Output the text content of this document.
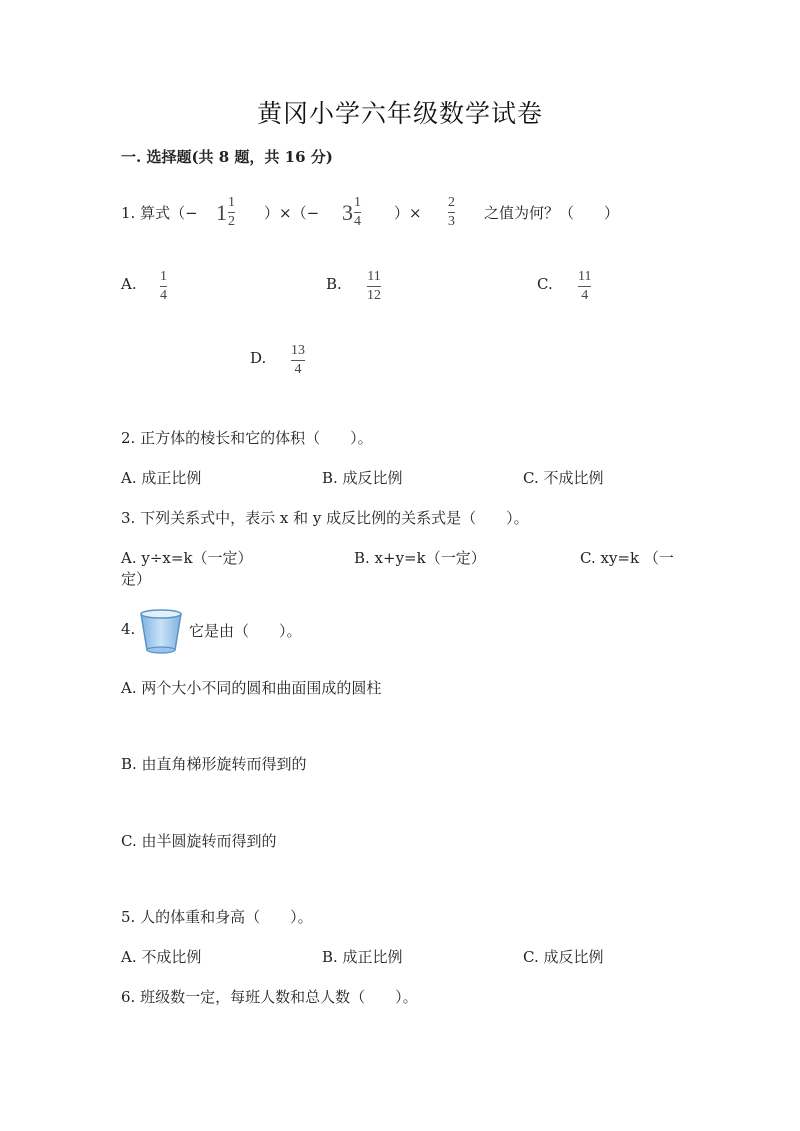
黄冈小学六年级数学试卷
一. 选择题(共 8 题，共 16 分)
1. 算式（− $1 \frac{1}{2}$ ）×（− $3 \frac{1}{4}$ ）×
2
3 之值为何？（　　）
A. 1
4
B. 11
12
C. 11
4
D. 13
4
2. 正方体的棱长和它的体积（　　）。
A. 成正比例	B. 成反比例	C. 不成比例
3. 下列关系式中，表示 x 和 y 成反比例的关系式是（　　）。
A. y÷x=k（一定）	B. x+y=k（一定）	C. xy=k （一
定）
4.	它是由（　　）。
A. 两个大小不同的圆和曲面围成的圆柱
B. 由直角梯形旋转而得到的
C. 由半圆旋转而得到的
5. 人的体重和身高（　　）。
A. 不成比例	B. 成正比例	C. 成反比例
6. 班级数一定，每班人数和总人数（　　）。
